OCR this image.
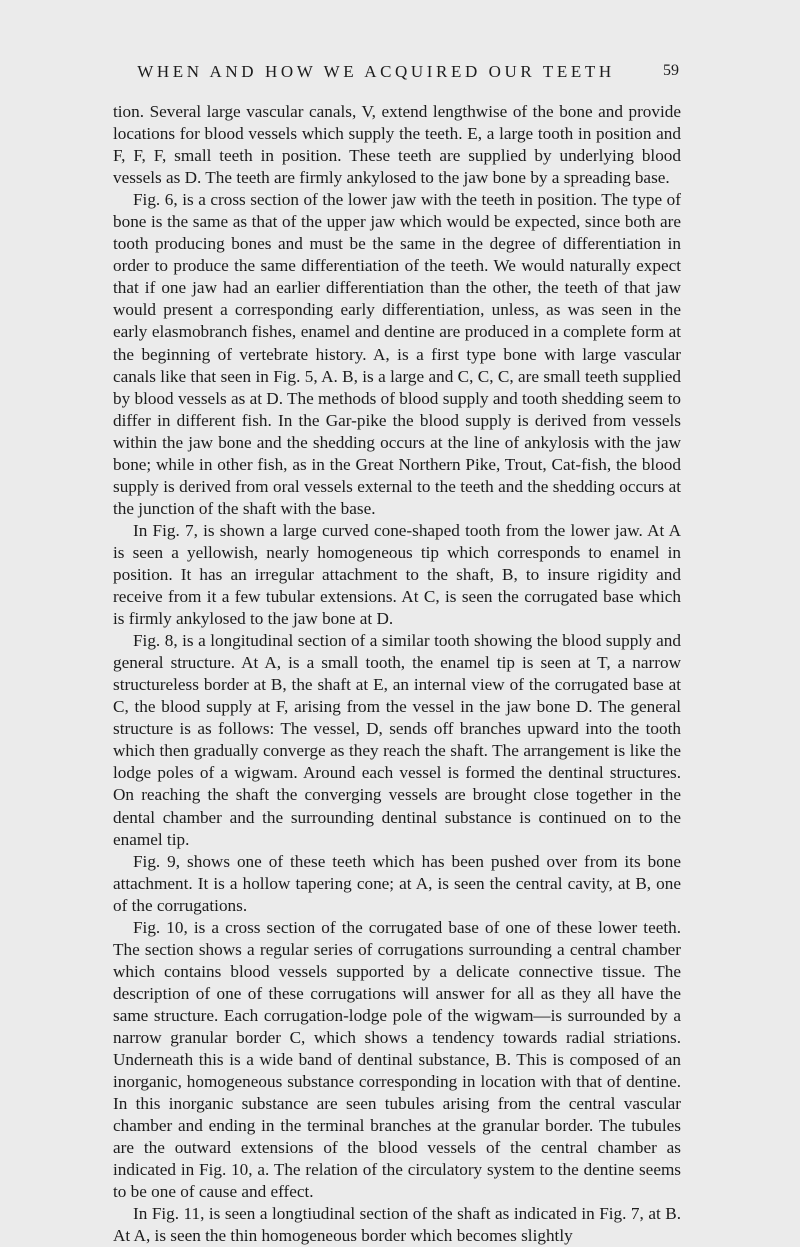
WHEN AND HOW WE ACQUIRED OUR TEETH	59

tion. Several large vascular canals, V, extend lengthwise of the bone and provide locations for blood vessels which supply the teeth. E, a large tooth in position and F, F, F, small teeth in position. These teeth are supplied by underlying blood vessels as D. The teeth are firmly ankylosed to the jaw bone by a spreading base.

Fig. 6, is a cross section of the lower jaw with the teeth in position. The type of bone is the same as that of the upper jaw which would be expected, since both are tooth producing bones and must be the same in the degree of differentiation in order to produce the same differentiation of the teeth. We would naturally expect that if one jaw had an earlier differentiation than the other, the teeth of that jaw would present a corresponding early differentiation, unless, as was seen in the early elasmobranch fishes, enamel and dentine are produced in a complete form at the beginning of vertebrate history. A, is a first type bone with large vascular canals like that seen in Fig. 5, A. B, is a large and C, C, C, are small teeth supplied by blood vessels as at D. The methods of blood supply and tooth shedding seem to differ in different fish. In the Gar-pike the blood supply is derived from vessels within the jaw bone and the shedding occurs at the line of ankylosis with the jaw bone; while in other fish, as in the Great Northern Pike, Trout, Cat-fish, the blood supply is derived from oral vessels external to the teeth and the shedding occurs at the junction of the shaft with the base.

In Fig. 7, is shown a large curved cone-shaped tooth from the lower jaw. At A is seen a yellowish, nearly homogeneous tip which corresponds to enamel in position. It has an irregular attachment to the shaft, B, to insure rigidity and receive from it a few tubular extensions. At C, is seen the corrugated base which is firmly ankylosed to the jaw bone at D.

Fig. 8, is a longitudinal section of a similar tooth showing the blood supply and general structure. At A, is a small tooth, the enamel tip is seen at T, a narrow structureless border at B, the shaft at E, an internal view of the corrugated base at C, the blood supply at F, arising from the vessel in the jaw bone D. The general structure is as follows: The vessel, D, sends off branches upward into the tooth which then gradually converge as they reach the shaft. The arrangement is like the lodge poles of a wigwam. Around each vessel is formed the dentinal structures. On reaching the shaft the converging vessels are brought close together in the dental chamber and the surrounding dentinal substance is continued on to the enamel tip.

Fig. 9, shows one of these teeth which has been pushed over from its bone attachment. It is a hollow tapering cone; at A, is seen the central cavity, at B, one of the corrugations.

Fig. 10, is a cross section of the corrugated base of one of these lower teeth. The section shows a regular series of corrugations surrounding a central chamber which contains blood vessels supported by a delicate connective tissue. The description of one of these corrugations will answer for all as they all have the same structure. Each corrugation-lodge pole of the wigwam—is surrounded by a narrow granular border C, which shows a tendency towards radial striations. Underneath this is a wide band of dentinal substance, B. This is composed of an inorganic, homogeneous substance corresponding in location with that of dentine. In this inorganic substance are seen tubules arising from the central vascular chamber and ending in the terminal branches at the granular border. The tubules are the outward extensions of the blood vessels of the central chamber as indicated in Fig. 10, a. The relation of the circulatory system to the dentine seems to be one of cause and effect.

In Fig. 11, is seen a longtiudinal section of the shaft as indicated in Fig. 7, at B. At A, is seen the thin homogeneous border which becomes slightly
